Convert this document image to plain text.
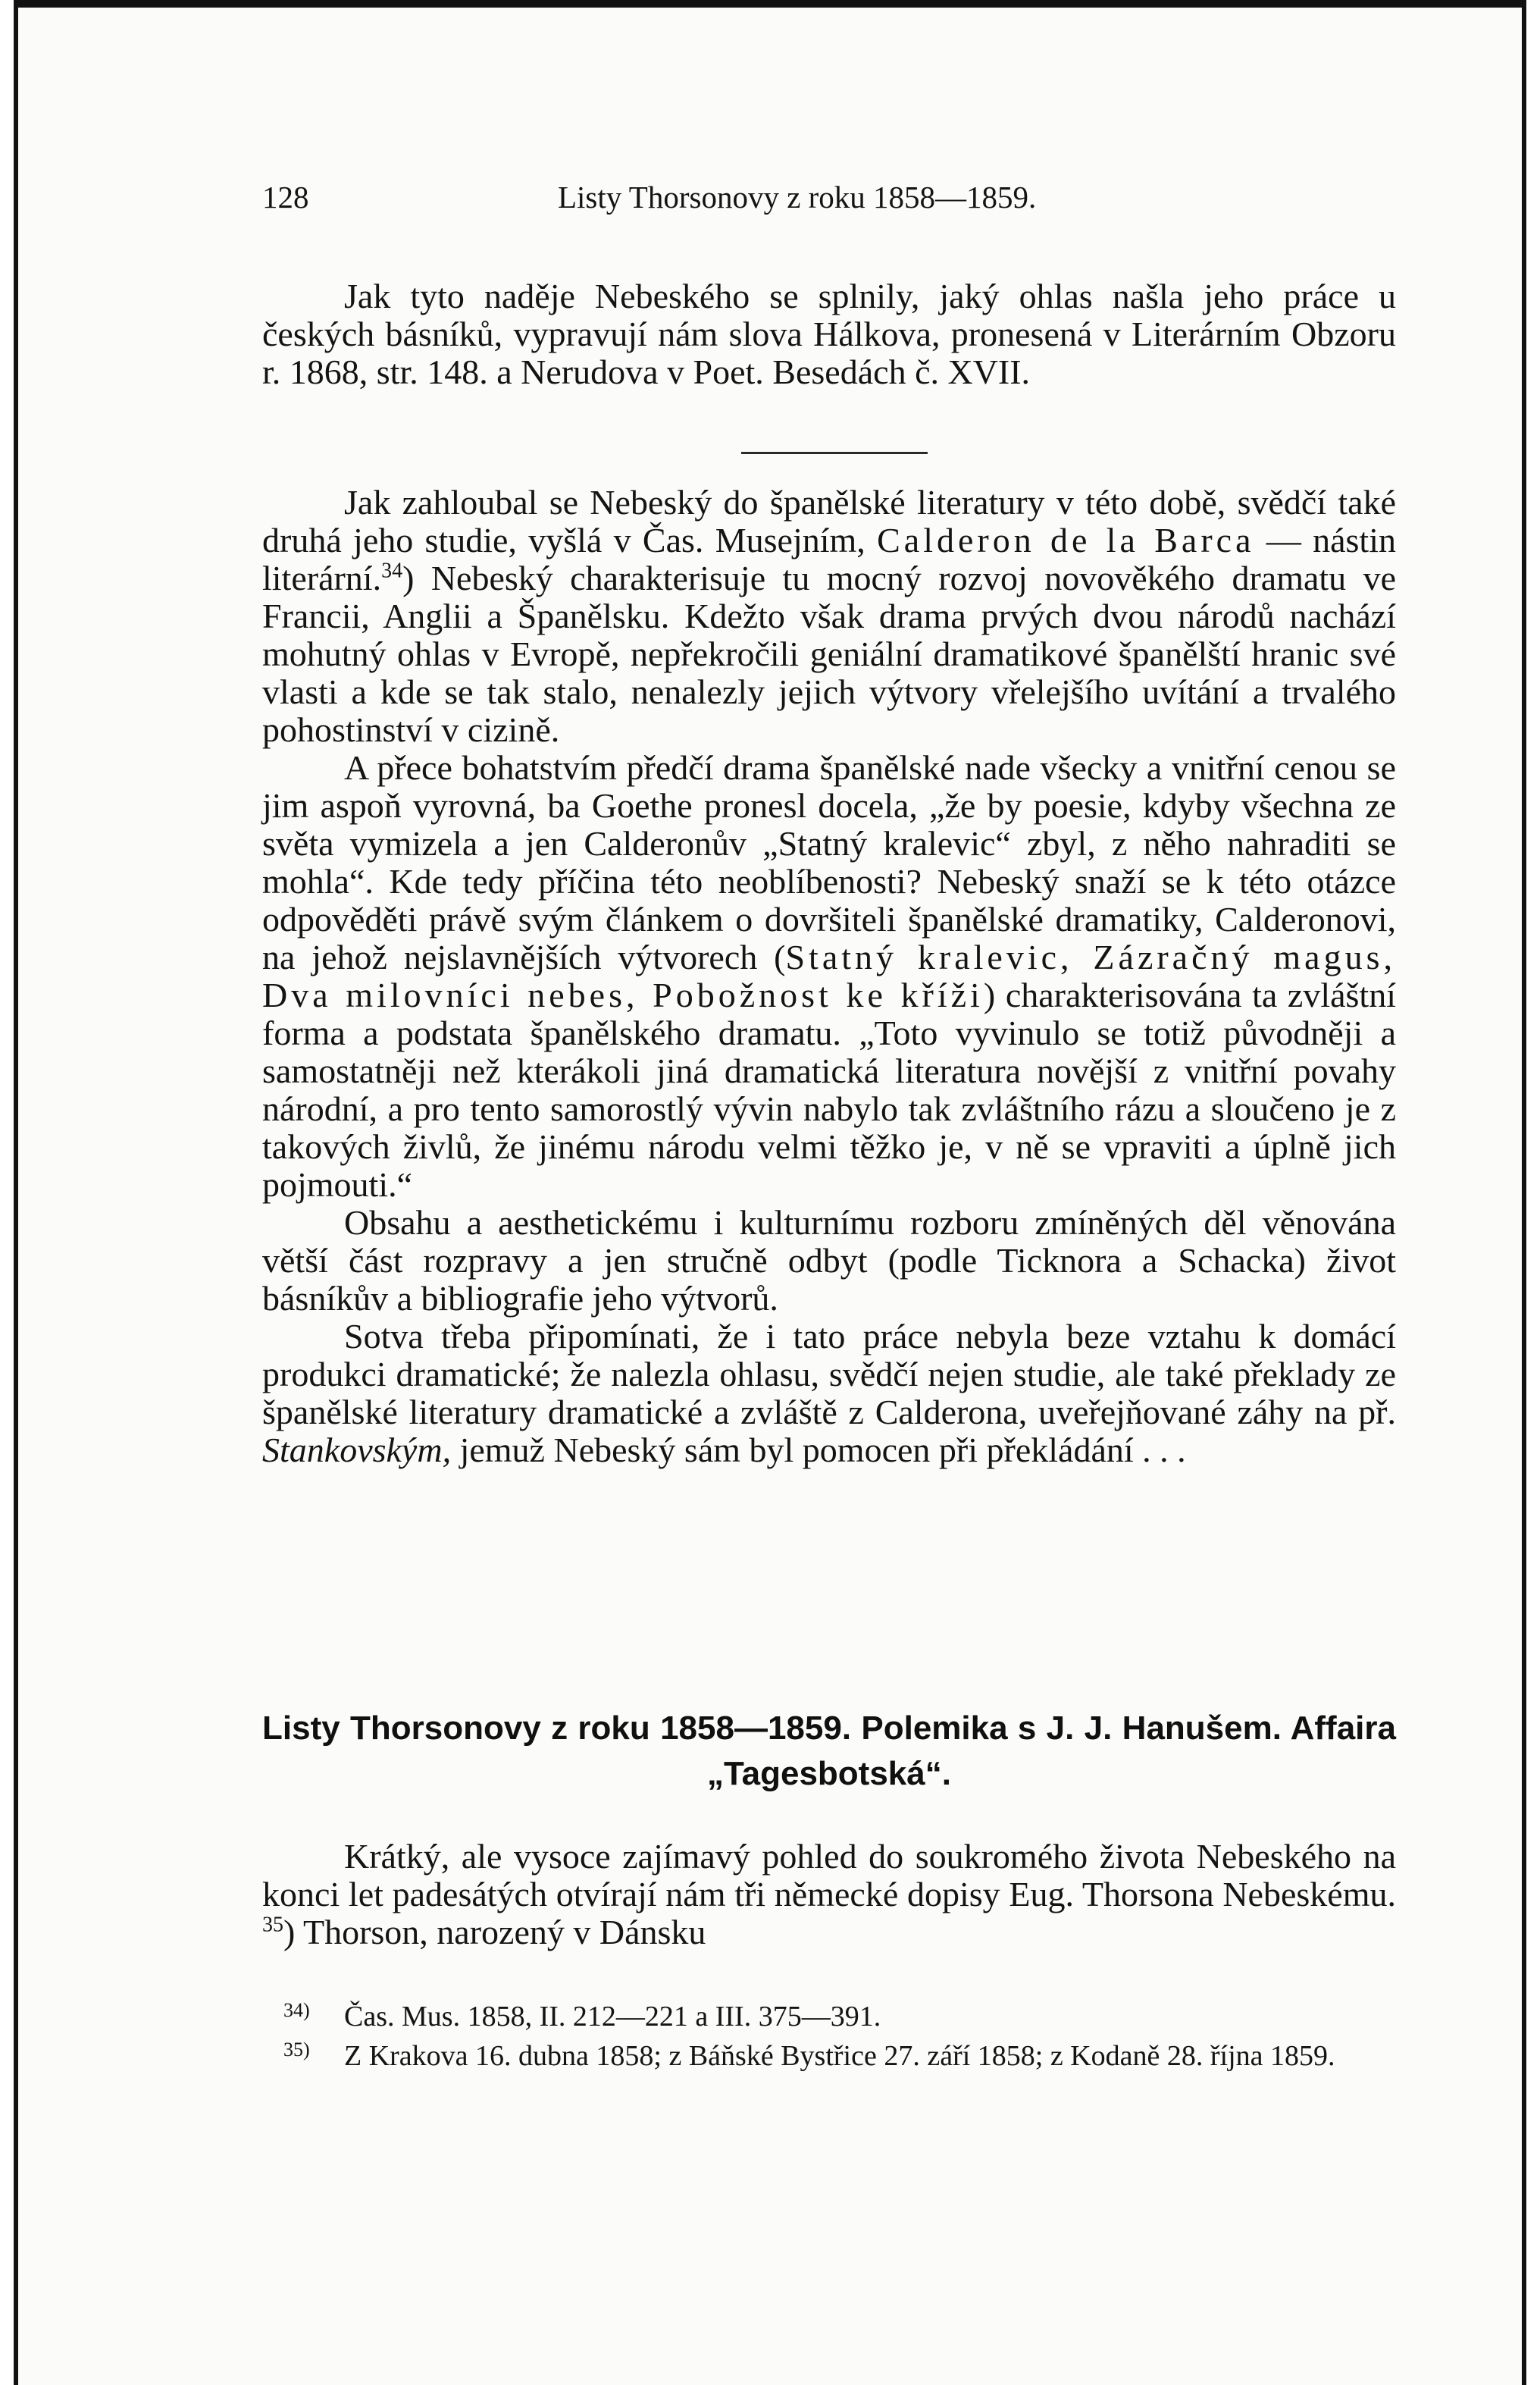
128	Listy Thorsonovy z roku 1858—1859.

Jak tyto naděje Nebeského se splnily, jaký ohlas našla jeho práce u českých básníků, vypravují nám slova Hálkova, pronesená v Literárním Obzoru r. 1868, str. 148. a Nerudova v Poet. Besedách č. XVII.

Jak zahloubal se Nebeský do španělské literatury v této době, svědčí také druhá jeho studie, vyšlá v Čas. Musejním, Calderon de la Barca — nástin literární.$^{34}$) Nebeský charakterisuje tu mocný rozvoj novověkého dramatu ve Francii, Anglii a Španělsku. Kdežto však drama prvých dvou národů nachází mohutný ohlas v Evropě, nepřekročili geniální dramatikové španělští hranic své vlasti a kde se tak stalo, nenalezly jejich výtvory vřelejšího uvítání a trvalého pohostinství v cizině.

A přece bohatstvím předčí drama španělské nade všecky a vnitřní cenou se jim aspoň vyrovná, ba Goethe pronesl docela, „že by poesie, kdyby všechna ze světa vymizela a jen Calderonův „Statný kralevic“ zbyl, z něho nahraditi se mohla“. Kde tedy příčina této neoblíbenosti? Nebeský snaží se k této otázce odpověděti právě svým článkem o dovršiteli španělské dramatiky, Calderonovi, na jehož nejslavnějších výtvorech (Statný kralevic, Zázračný magus, Dva milovníci nebes, Pobožnost ke kříži) charakterisována ta zvláštní forma a podstata španělského dramatu. „Toto vyvinulo se totiž původněji a samostatněji než kterákoli jiná dramatická literatura novější z vnitřní povahy národní, a pro tento samorostlý vývin nabylo tak zvláštního rázu a sloučeno je z takových živlů, že jinému národu velmi těžko je, v ně se vpraviti a úplně jich pojmouti.“

Obsahu a aesthetickému i kulturnímu rozboru zmíněných děl věnována větší část rozpravy a jen stručně odbyt (podle Ticknora a Schacka) život básníkův a bibliografie jeho výtvorů.

Sotva třeba připomínati, že i tato práce nebyla beze vztahu k domácí produkci dramatické; že nalezla ohlasu, svědčí nejen studie, ale také překlady ze španělské literatury dramatické a zvláště z Calderona, uveřejňované záhy na př. Stankovským, jemuž Nebeský sám byl pomocen při překládání . . .

Listy Thorsonovy z roku 1858—1859. Polemika s J. J. Hanušem. Affaira „Tagesbotská“.

Krátký, ale vysoce zajímavý pohled do soukromého života Nebeského na konci let padesátých otvírají nám tři německé dopisy Eug. Thorsona Nebeskému. $^{35}$) Thorson, narozený v Dánsku

34) Čas. Mus. 1858, II. 212—221 a III. 375—391.

35) Z Krakova 16. dubna 1858; z Báňské Bystřice 27. září 1858; z Kodaně 28. října 1859.
